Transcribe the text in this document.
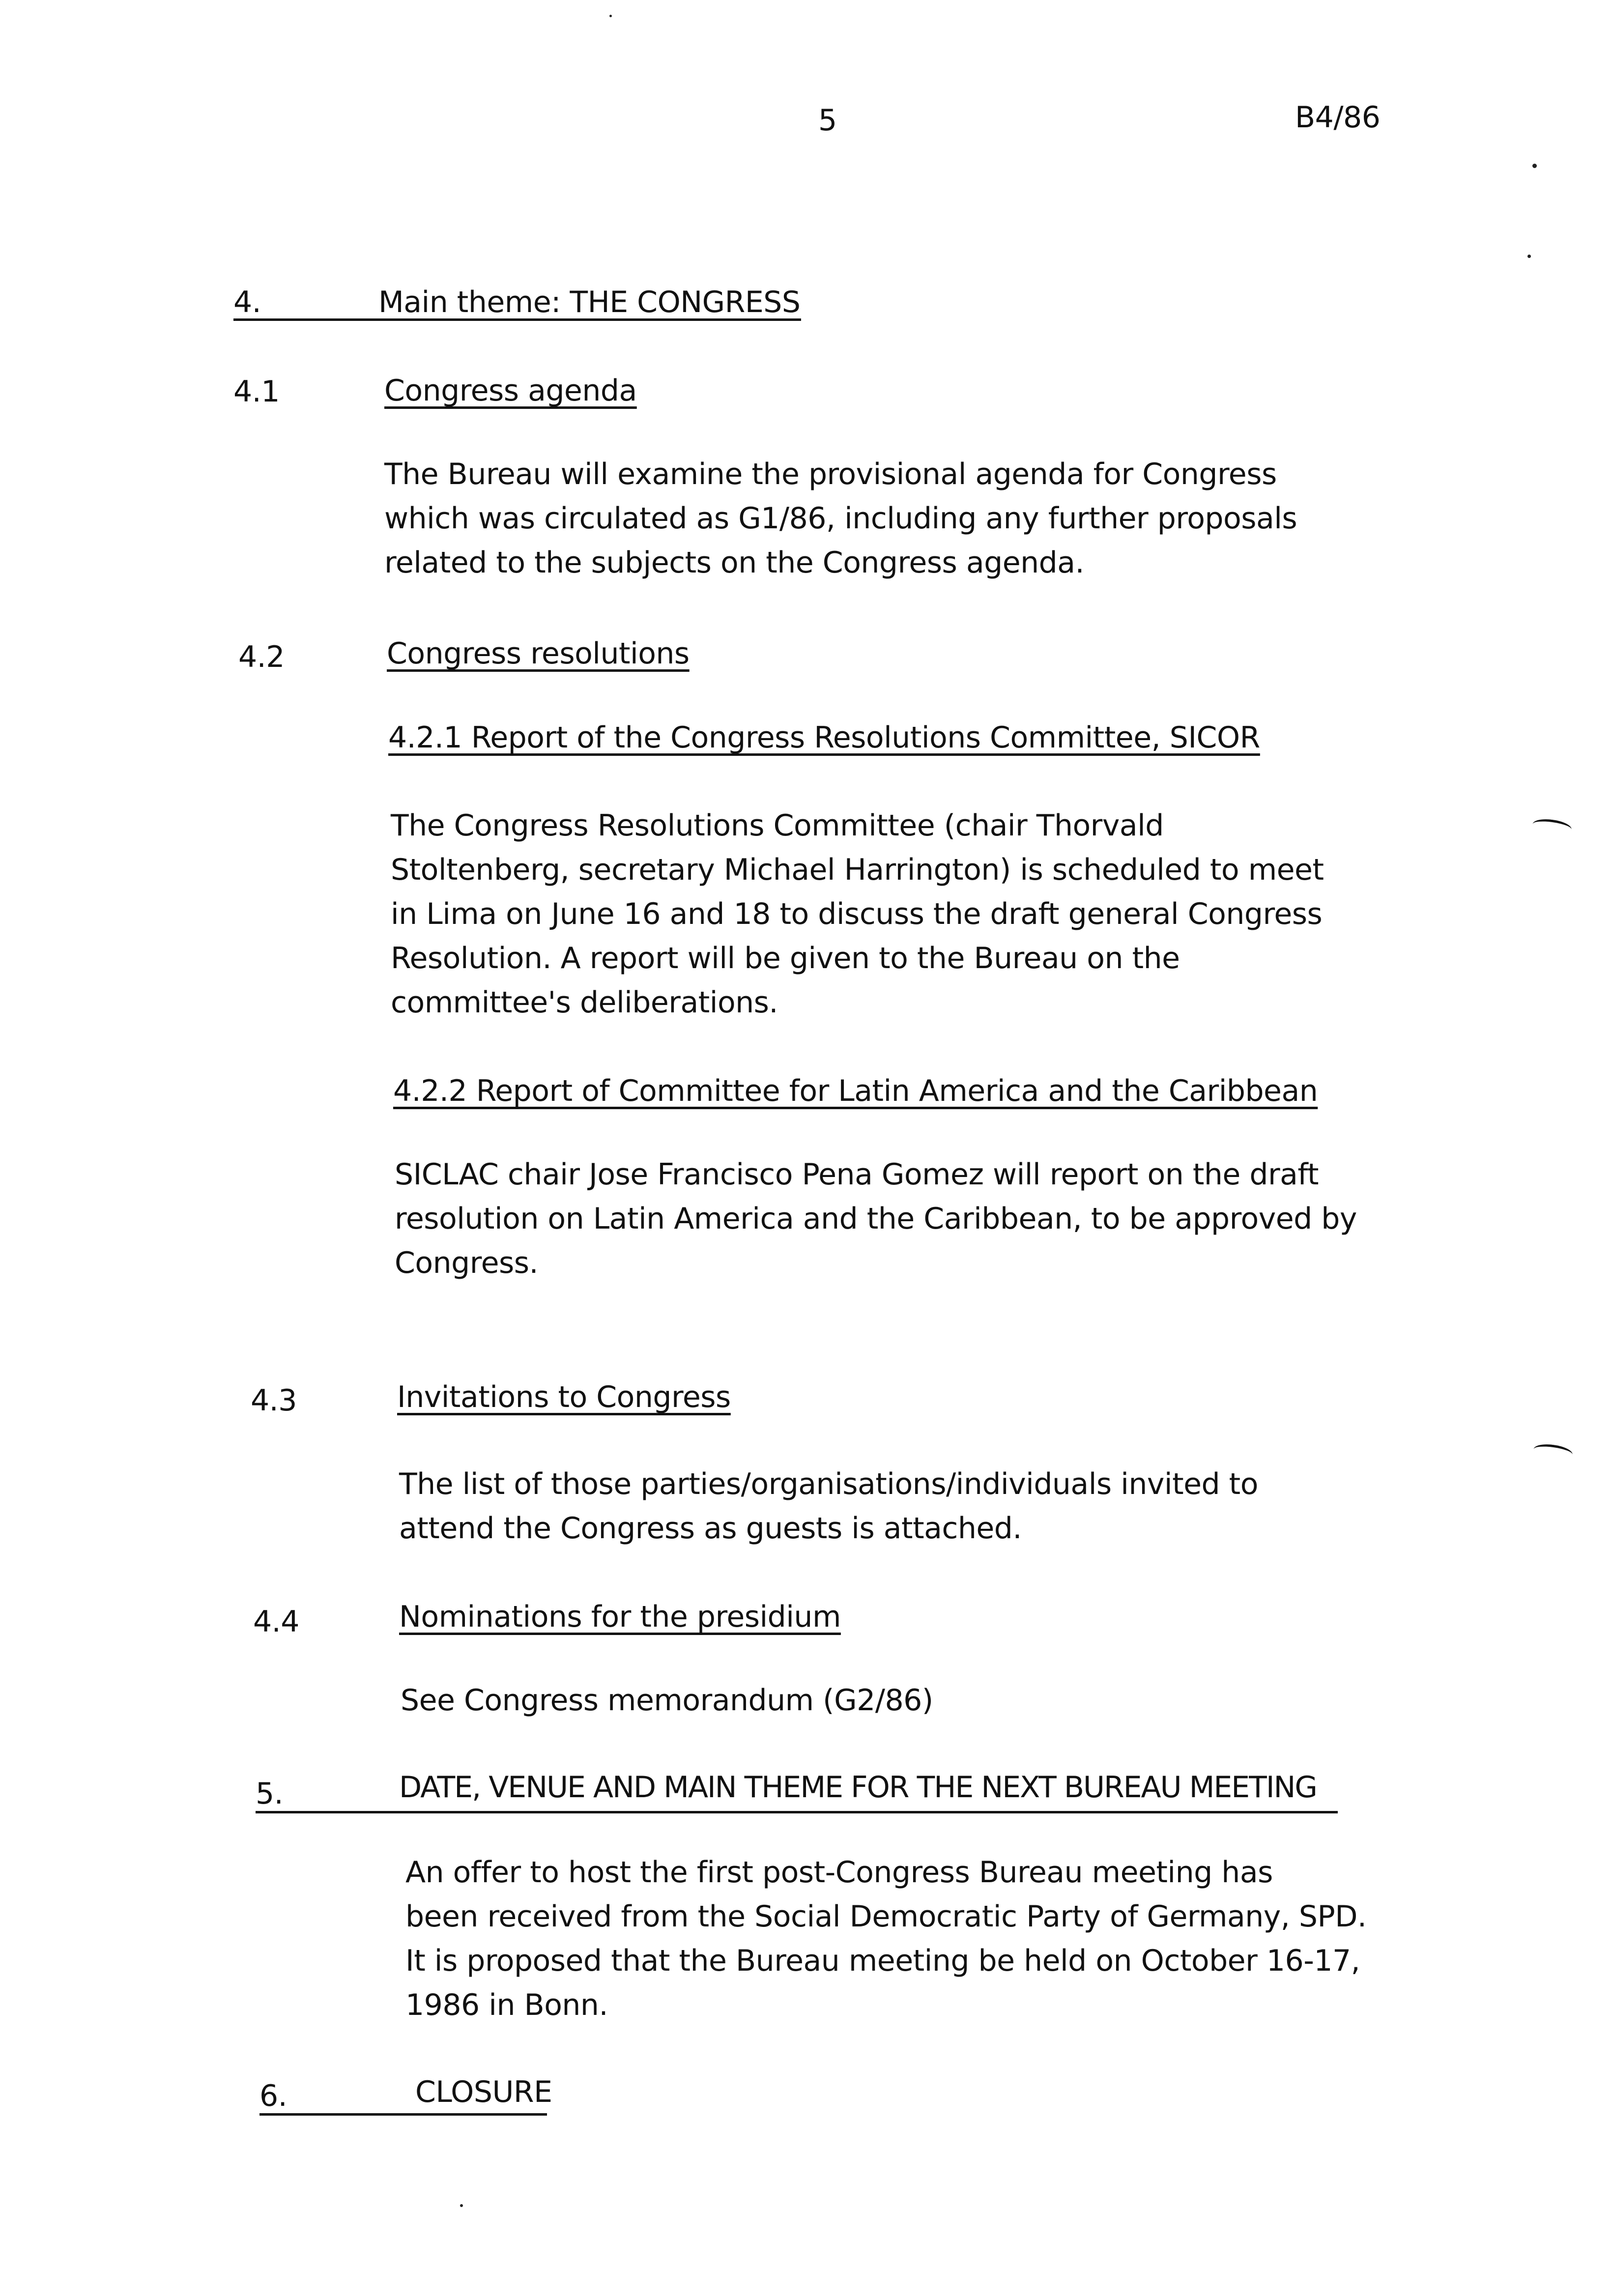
5	B4/86
4.	Main theme: THE CONGRESS
4.1	Congress agenda
The Bureau will examine the provisional agenda for Congress
which was circulated as G1/86, including any further proposals
related to the subjects on the Congress agenda.
4.2	Congress resolutions
4.2.1 Report of the Congress Resolutions Committee, SICOR
The Congress Resolutions Committee (chair Thorvald
Stoltenberg, secretary Michael Harrington) is scheduled to meet
in Lima on June 16 and 18 to discuss the draft general Congress
Resolution. A report will be given to the Bureau on the
committee's deliberations.
4.2.2 Report of Committee for Latin America and the Caribbean
SICLAC chair Jose Francisco Pena Gomez will report on the draft
resolution on Latin America and the Caribbean, to be approved by
Congress.
4.3	Invitations to Congress
The list of those parties/organisations/individuals invited to
attend the Congress as guests is attached.
4.4	Nominations for the presidium
See Congress memorandum (G2/86)
5.	DATE, VENUE AND MAIN THEME FOR THE NEXT BUREAU MEETING
An offer to host the first post-Congress Bureau meeting has
been received from the Social Democratic Party of Germany, SPD.
It is proposed that the Bureau meeting be held on October 16-17,
1986 in Bonn.
6.	CLOSURE
